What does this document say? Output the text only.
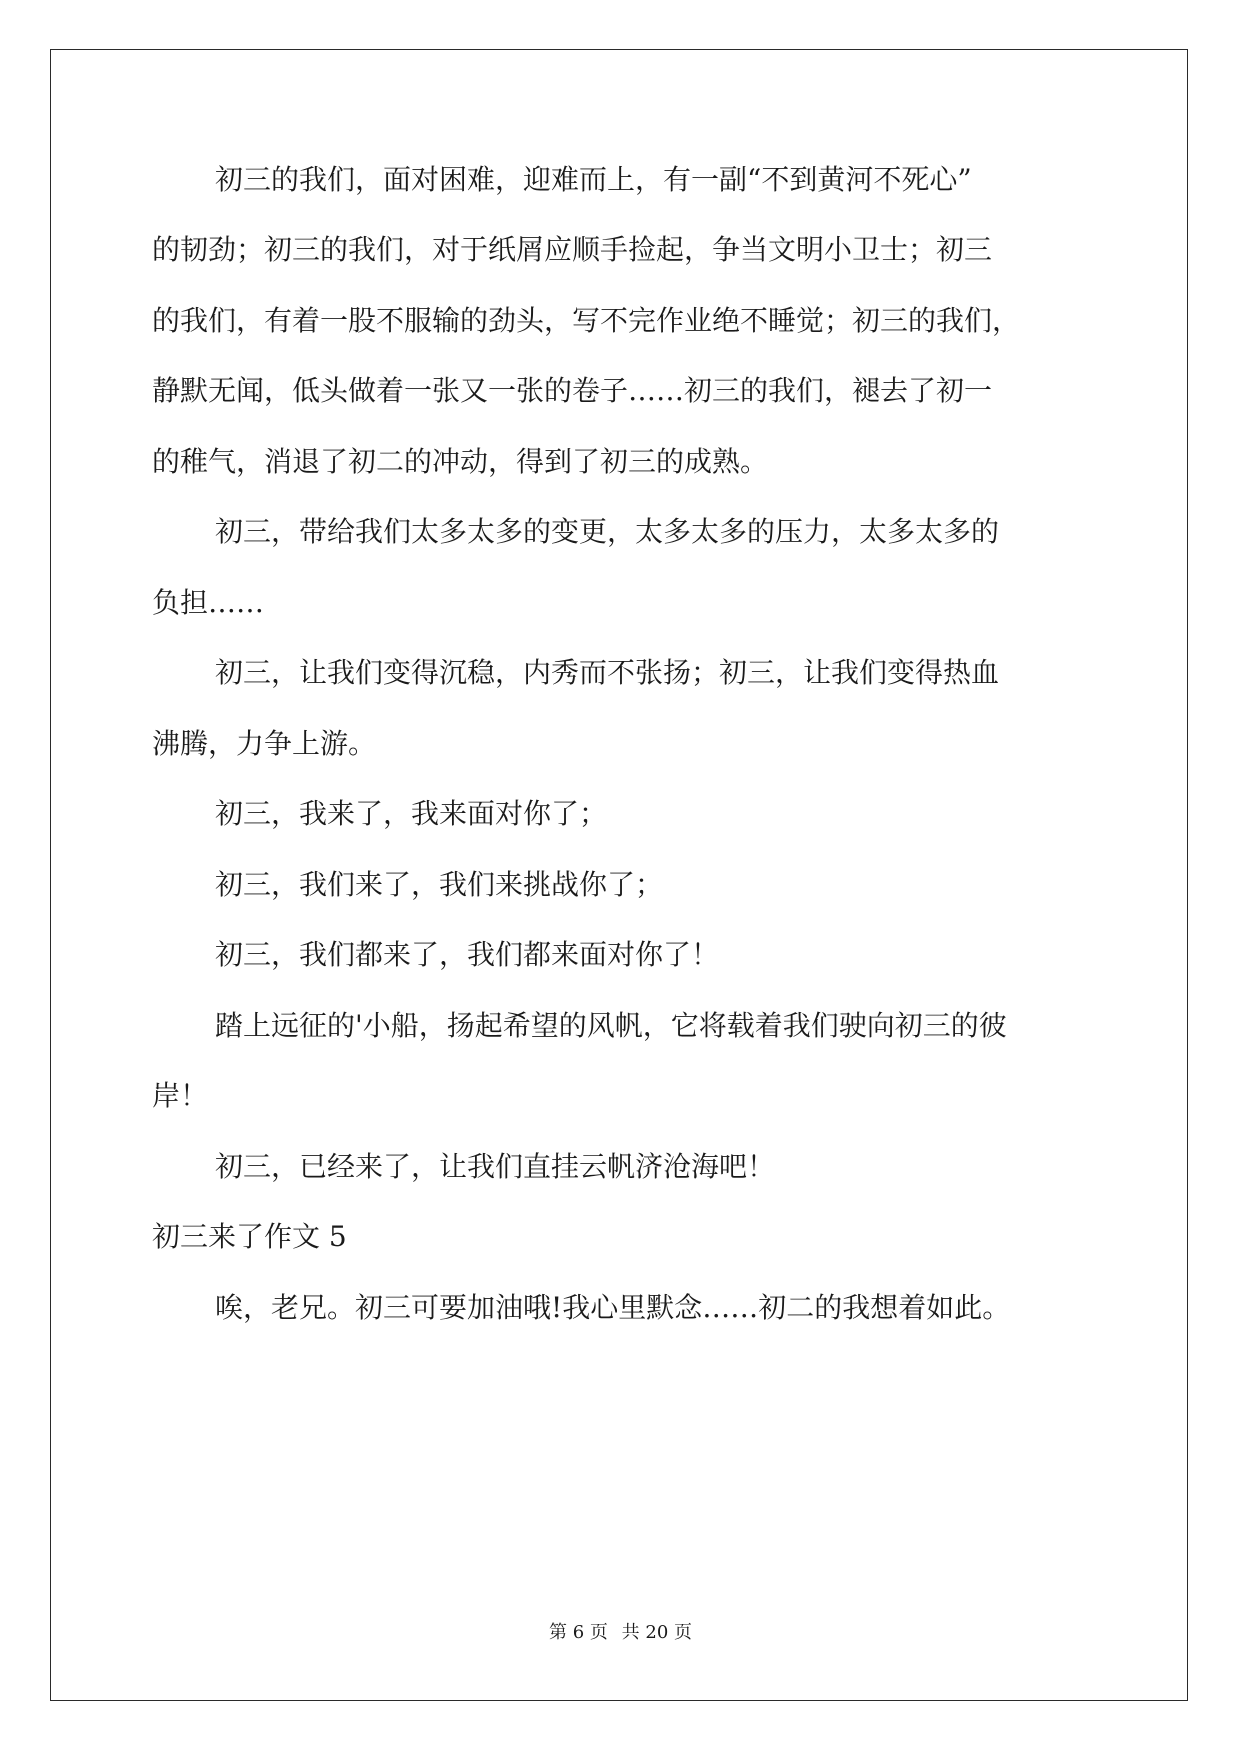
初三的我们，面对困难，迎难而上，有一副“不到黄河不死心”
的韧劲；初三的我们，对于纸屑应顺手捡起，争当文明小卫士；初三
的我们，有着一股不服输的劲头，写不完作业绝不睡觉；初三的我们，
静默无闻，低头做着一张又一张的卷子……初三的我们，褪去了初一
的稚气，消退了初二的冲动，得到了初三的成熟。
初三，带给我们太多太多的变更，太多太多的压力，太多太多的
负担……
初三，让我们变得沉稳，内秀而不张扬；初三，让我们变得热血
沸腾，力争上游。
初三，我来了，我来面对你了；
初三，我们来了，我们来挑战你了；
初三，我们都来了，我们都来面对你了！
踏上远征的'小船，扬起希望的风帆，它将载着我们驶向初三的彼
岸！
初三，已经来了，让我们直挂云帆济沧海吧！
初三来了作文 5
唉，老兄。初三可要加油哦!我心里默念……初二的我想着如此。
第 6 页 共 20 页
